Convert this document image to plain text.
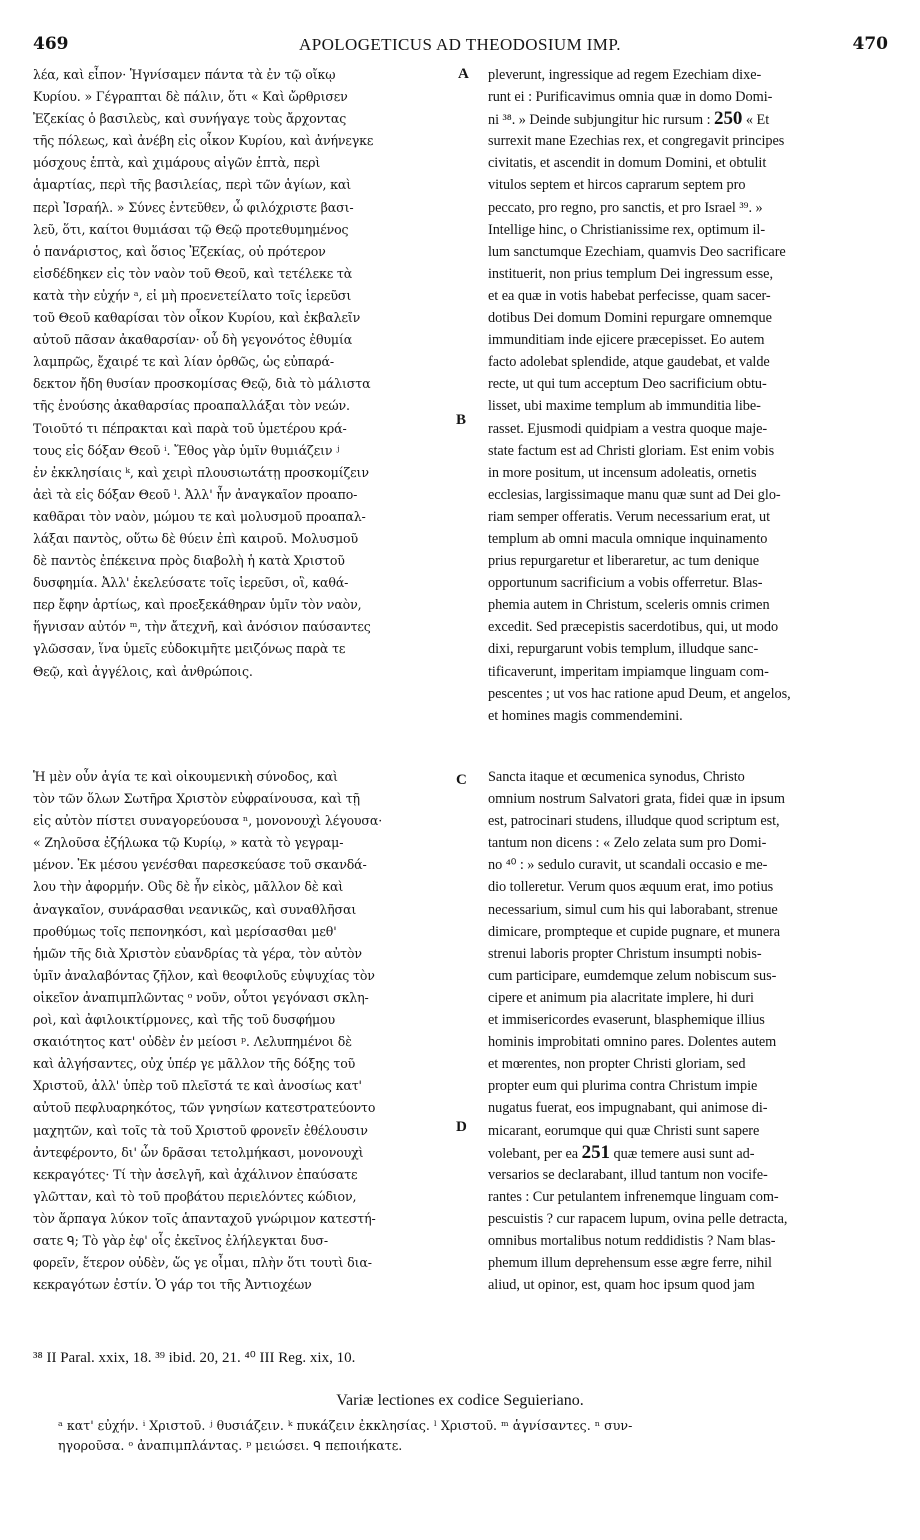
469	APOLOGETICUS AD THEODOSIUM IMP.	470
λέα, καὶ εἶπον· Ἡγνίσαμεν πάντα τὰ ἐν τῷ οἴκῳ
Κυρίου. » Γέγραπται δὲ πάλιν, ὅτι « Καὶ ὤρθρισεν
Ἐζεκίας ὁ βασιλεὺς, καὶ συνήγαγε τοὺς ἄρχοντας
τῆς πόλεως, καὶ ἀνέβη εἰς οἶκον Κυρίου, καὶ ἀνήνεγκε
μόσχους ἑπτὰ, καὶ χιμάρους αἰγῶν ἑπτὰ, περὶ
ἁμαρτίας, περὶ τῆς βασιλείας, περὶ τῶν ἁγίων, καὶ
περὶ Ἰσραήλ. » Σύνες ἐντεῦθεν, ὦ φιλόχριστε βασι-
λεῦ, ὅτι, καίτοι θυμιάσαι τῷ Θεῷ προτεθυμημένος
ὁ πανάριστος, καὶ ὅσιος Ἐζεκίας, οὐ πρότερον
εἰσδέδηκεν εἰς τὸν ναὸν τοῦ Θεοῦ, καὶ τετέλεκε τὰ
κατὰ τὴν εὐχήν ᵃ, εἰ μὴ προενετείλατο τοῖς ἱερεῦσι
τοῦ Θεοῦ καθαρίσαι τὸν οἶκον Κυρίου, καὶ ἐκβαλεῖν
αὐτοῦ πᾶσαν ἀκαθαρσίαν· οὗ δὴ γεγονότος ἐθυμία
λαμπρῶς, ἔχαιρέ τε καὶ λίαν ὀρθῶς, ὡς εὐπαρά-
δεκτον ἤδη θυσίαν προσκομίσας Θεῷ, διὰ τὸ μάλιστα
τῆς ἐνούσης ἀκαθαρσίας προαπαλλάξαι τὸν νεών.
Τοιοῦτό τι πέπρακται καὶ παρὰ τοῦ ὑμετέρου κρά-
τους εἰς δόξαν Θεοῦ ⁱ. Ἔθος γὰρ ὑμῖν θυμιάζειν ʲ
ἐν ἐκκλησίαις ᵏ, καὶ χειρὶ πλουσιωτάτῃ προσκομίζειν
ἀεὶ τὰ εἰς δόξαν Θεοῦ ˡ. Ἀλλ' ἦν ἀναγκαῖον προαπο-
καθᾶραι τὸν ναὸν, μώμου τε καὶ μολυσμοῦ προαπαλ-
λάξαι παντὸς, οὕτω δὲ θύειν ἐπὶ καιροῦ. Μολυσμοῦ
δὲ παντὸς ἐπέκεινα πρὸς διαβολὴ ἡ κατὰ Χριστοῦ
δυσφημία. Ἀλλ' ἐκελεύσατε τοῖς ἱερεῦσι, οἳ, καθά-
περ ἔφην ἀρτίως, καὶ προεξεκάθηραν ὑμῖν τὸν ναὸν,
ἥγνισαν αὐτόν ᵐ, τὴν ἄτεχνῆ, καὶ ἀνόσιον παύσαντες
γλῶσσαν, ἵνα ὑμεῖς εὐδοκιμῆτε μειζόνως παρὰ τε
Θεῷ, καὶ ἀγγέλοις, καὶ ἀνθρώποις.
Ἡ μὲν οὖν ἁγία τε καὶ οἰκουμενικὴ σύνοδος, καὶ
τὸν τῶν ὅλων Σωτῆρα Χριστὸν εὐφραίνουσα, καὶ τῇ
εἰς αὐτὸν πίστει συναγορεύουσα ⁿ, μονονουχὶ λέγουσα·
« Ζηλοῦσα ἐζήλωκα τῷ Κυρίῳ, » κατὰ τὸ γεγραμ-
μένον. Ἐκ μέσου γενέσθαι παρεσκεύασε τοῦ σκανδά-
λου τὴν ἀφορμήν. Οὓς δὲ ἦν εἰκὸς, μᾶλλον δὲ καὶ
ἀναγκαῖον, συνάρασθαι νεανικῶς, καὶ συναθλῆσαι
προθύμως τοῖς πεπονηκόσι, καὶ μερίσασθαι μεθ'
ἡμῶν τῆς διὰ Χριστὸν εὐανδρίας τὰ γέρα, τὸν αὐτὸν
ὑμῖν ἀναλαβόντας ζῆλον, καὶ θεοφιλοῦς εὐψυχίας τὸν
οἰκεῖον ἀναπιμπλῶντας ᵒ νοῦν, οὗτοι γεγόνασι σκλη-
ροὶ, καὶ ἀφιλοικτίρμονες, καὶ τῆς τοῦ δυσφήμου
σκαιότητος κατ' οὐδὲν ἐν μείοσι ᵖ. Λελυπημένοι δὲ
καὶ ἀλγήσαντες, οὐχ ὑπέρ γε μᾶλλον τῆς δόξης τοῦ
Χριστοῦ, ἀλλ' ὑπὲρ τοῦ πλεῖστά τε καὶ ἀνοσίως κατ'
αὐτοῦ πεφλυαρηκότος, τῶν γνησίων κατεστρατεύοντο
μαχητῶν, καὶ τοῖς τὰ τοῦ Χριστοῦ φρονεῖν ἐθέλουσιν
ἀντεφέροντο, δι' ὧν δρᾶσαι τετολμήκασι, μονονουχὶ
κεκραγότες· Τί τὴν ἀσελγῆ, καὶ ἀχάλινον ἐπαύσατε
γλῶτταν, καὶ τὸ τοῦ προβάτου περιελόντες κώδιον,
τὸν ἅρπαγα λύκον τοῖς ἁπανταχοῦ γνώριμον κατεστή-
σατε ᑫ; Τὸ γὰρ ἐφ' οἷς ἐκεῖνος ἐλήλεγκται δυσ-
φορεῖν, ἕτερον οὐδὲν, ὥς γε οἶμαι, πλὴν ὅτι τουτὶ δια-
κεκραγότων ἐστίν. Ὁ γάρ τοι τῆς Ἀντιοχέων
pleverunt, ingressique ad regem Ezechiam dixe-
runt ei : Purificavimus omnia quæ in domo Domi-
ni ³⁸. » Deinde subjungitur hic rursum : 250 « Et
surrexit mane Ezechias rex, et congregavit principes
civitatis, et ascendit in domum Domini, et obtulit
vitulos septem et hircos caprarum septem pro
peccato, pro regno, pro sanctis, et pro Israel ³⁹. »
Intellige hinc, o Christianissime rex, optimum il-
lum sanctumque Ezechiam, quamvis Deo sacrificare
instituerit, non prius templum Dei ingressum esse,
et ea quæ in votis habebat perfecisse, quam sacer-
dotibus Dei domum Domini repurgare omnemque
immunditiam inde ejicere præcepisset. Eo autem
facto adolebat splendide, atque gaudebat, et valde
recte, ut qui tum acceptum Deo sacrificium obtu-
lisset, ubi maxime templum ab immunditia libe-
rasset. Ejusmodi quidpiam a vestra quoque maje-
state factum est ad Christi gloriam. Est enim vobis
in more positum, ut incensum adoleatis, ornetis
ecclesias, largissimaque manu quæ sunt ad Dei glo-
riam semper offeratis. Verum necessarium erat, ut
templum ab omni macula omnique inquinamento
prius repurgaretur et liberaretur, ac tum denique
opportunum sacrificium a vobis offerretur. Blas-
phemia autem in Christum, sceleris omnis crimen
excedit. Sed præcepistis sacerdotibus, qui, ut modo
dixi, repurgarunt vobis templum, illudque sanc-
tificaverunt, imperitam impiamque linguam com-
pescentes ; ut vos hac ratione apud Deum, et angelos,
et homines magis commendemini.
Sancta itaque et œcumenica synodus, Christo
omnium nostrum Salvatori grata, fidei quæ in ipsum
est, patrocinari studens, illudque quod scriptum est,
tantum non dicens : « Zelo zelata sum pro Domi-
no ⁴⁰ : » sedulo curavit, ut scandali occasio e me-
dio tolleretur. Verum quos æquum erat, imo potius
necessarium, simul cum his qui laborabant, strenue
dimicare, prompteque et cupide pugnare, et munera
strenui laboris propter Christum insumpti nobis-
cum participare, eumdemque zelum nobiscum sus-
cipere et animum pia alacritate implere, hi duri
et immisericordes evaserunt, blasphemique illius
hominis improbitati omnino pares. Dolentes autem
et mœrentes, non propter Christi gloriam, sed
propter eum qui plurima contra Christum impie
nugatus fuerat, eos impugnabant, qui animose di-
micarant, eorumque qui quæ Christi sunt sapere
volebant, per ea 251 quæ temere ausi sunt ad-
versarios se declarabant, illud tantum non vocife-
rantes : Cur petulantem infrenemque linguam com-
pescuistis ? cur rapacem lupum, ovina pelle detracta,
omnibus mortalibus notum reddidistis ? Nam blas-
phemum illum deprehensum esse ægre ferre, nihil
aliud, ut opinor, est, quam hoc ipsum quod jam
A
B
C
D
³⁸ II Paral. xxix, 18. ³⁹ ibid. 20, 21. ⁴⁰ III Reg. xix, 10.
Variæ lectiones ex codice Seguieriano.
ᵃ κατ' εὐχήν. ⁱ Χριστοῦ. ʲ θυσιάζειν. ᵏ πυκάζειν ἐκκλησίας. ˡ Χριστοῦ. ᵐ ἁγνίσαντες. ⁿ συν-
ηγοροῦσα. ᵒ ἀναπιμπλάντας. ᵖ μειώσει. ᑫ πεποιήκατε.
